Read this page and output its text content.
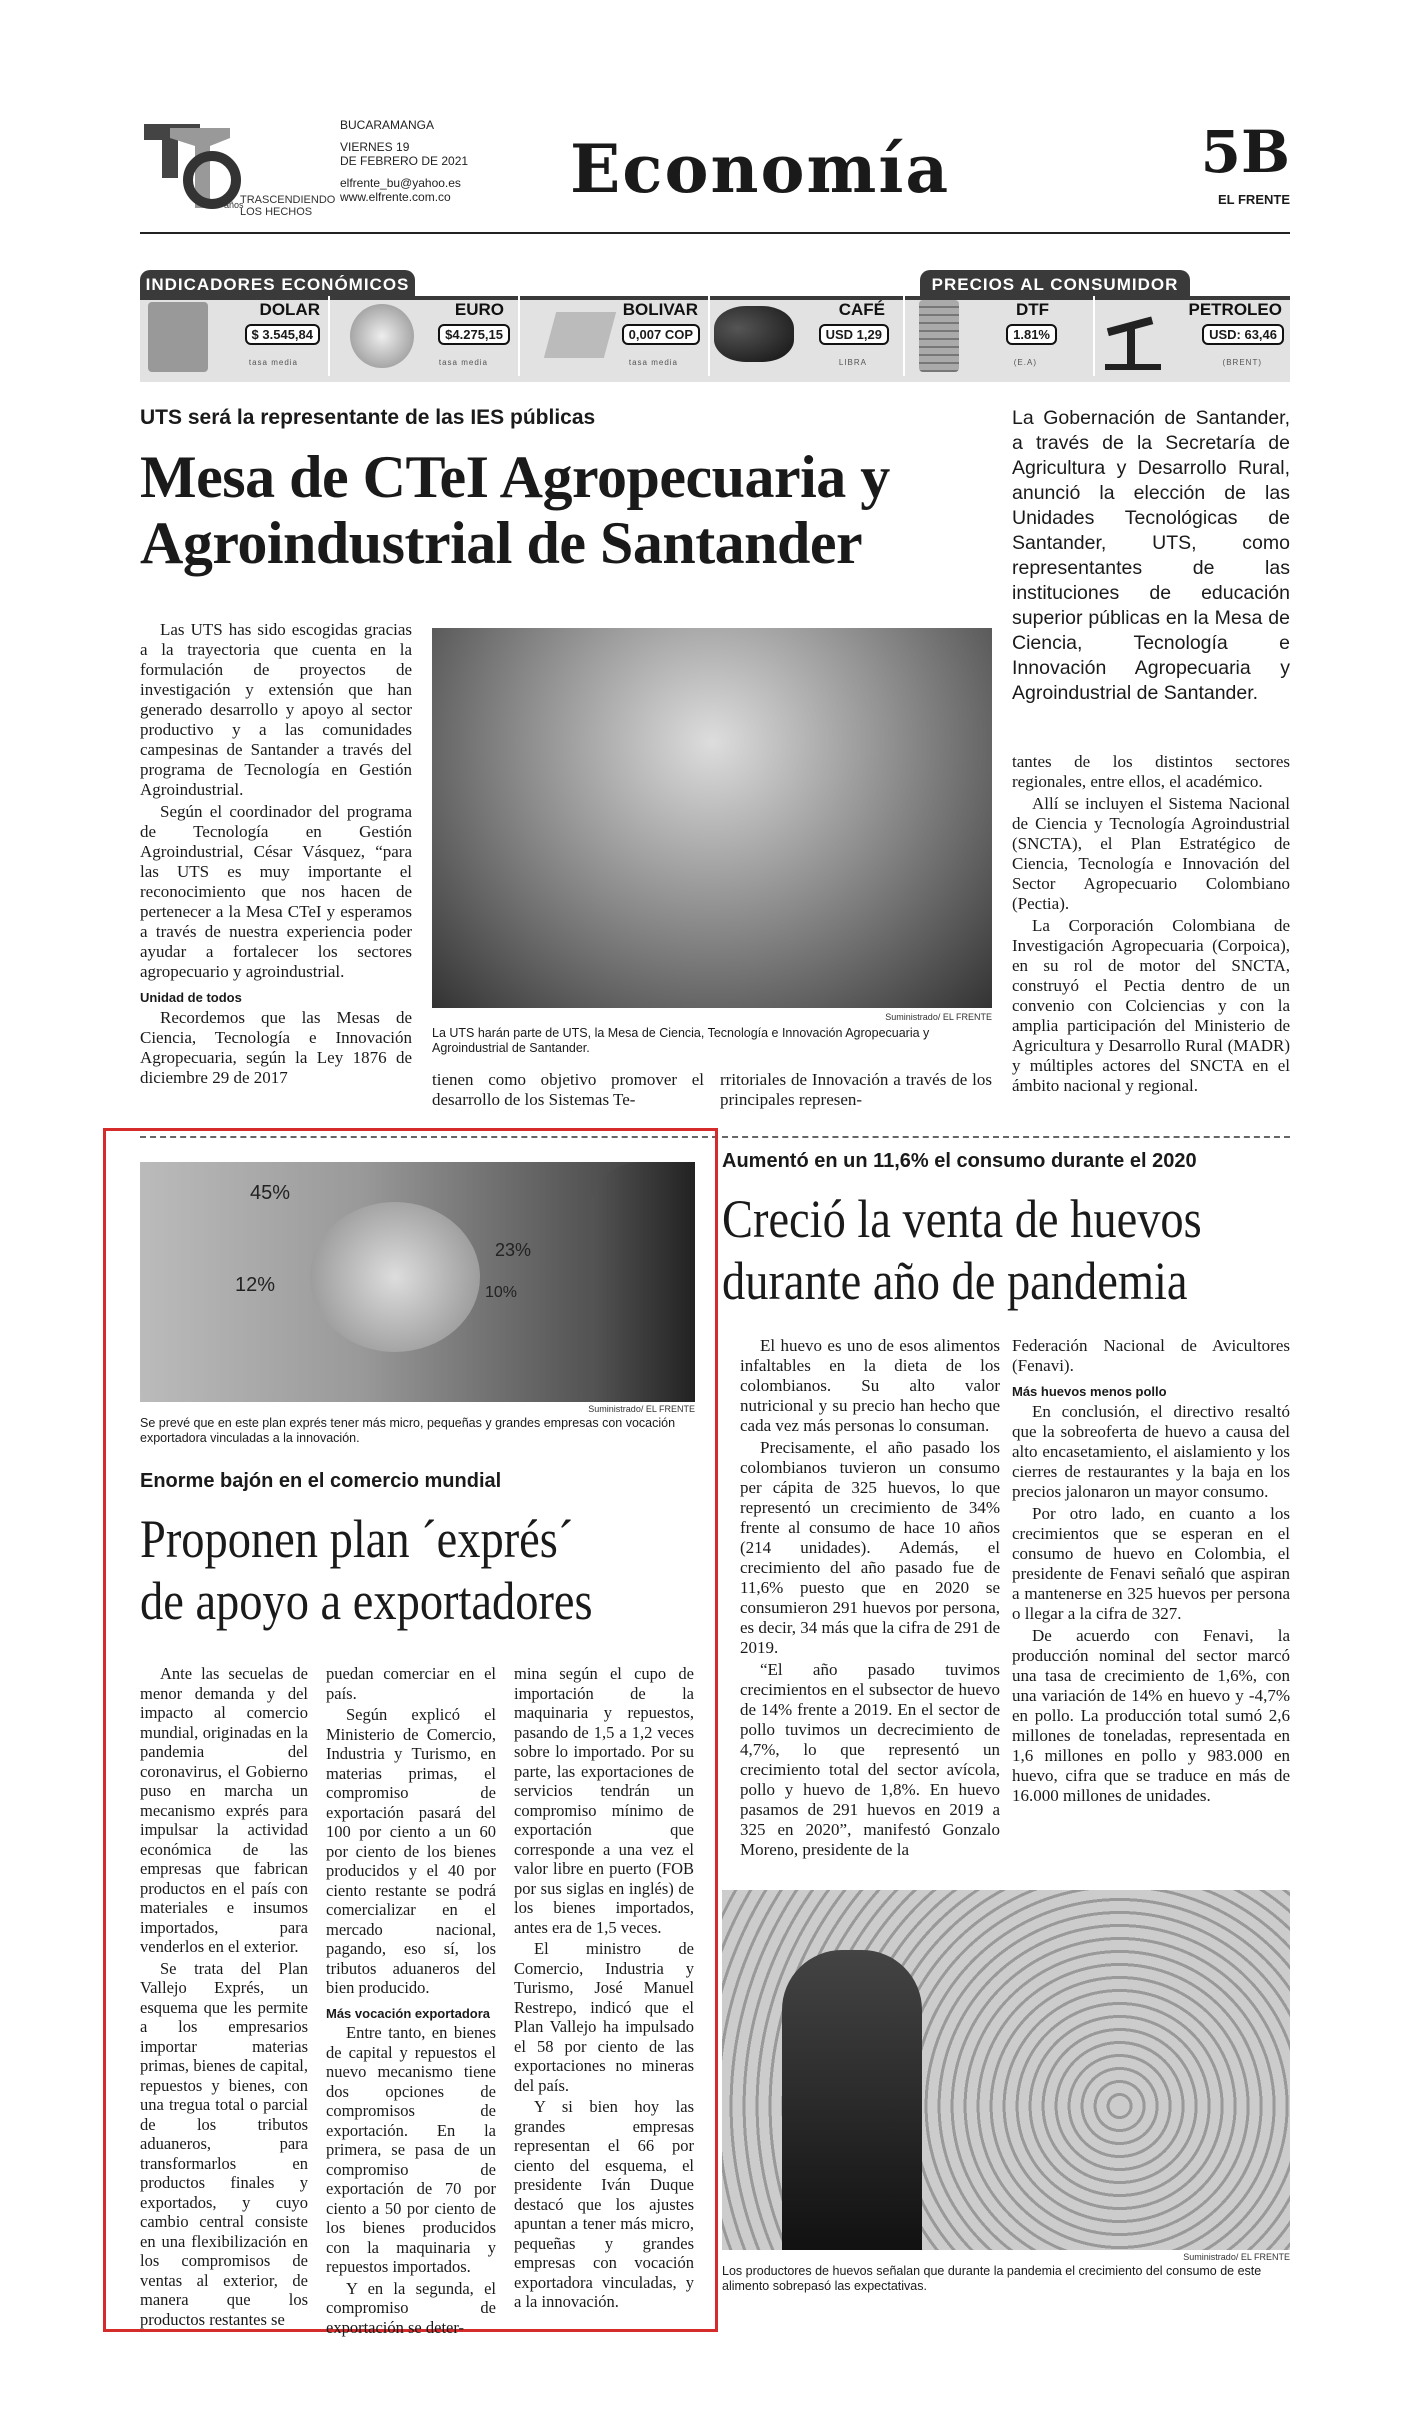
años
TRASCENDIENDO
LOS HECHOS
BUCARAMANGA
VIERNES 19
DE FEBRERO DE 2021
elfrente_bu@yahoo.es
www.elfrente.com.co Economía	5B
EL FRENTE
INDICADORES ECONÓMICOS	PRECIOS AL CONSUMIDOR
DOLAR
$ 3.545,84
tasa media
EURO
$4.275,15
tasa media
BOLIVAR
0,007 COP
tasa media
CAFÉ
USD 1,29
LIBRA
DTF
1.81%
(E.A)
PETROLEO
USD: 63,46
(BRENT)
UTS será la representante de las IES públicas
Mesa de CTeI Agropecuaria y
Agroindustrial de Santander
La Gobernación de Santander, a través de la Secretaría de Agricultura y Desarrollo Rural, anunció la elección de las Unidades Tecnológicas de Santander, UTS, como representantes de las instituciones de educación superior públicas en la Mesa de Ciencia, Tecnología e Innovación Agropecuaria y Agroindustrial de Santander.

Las UTS has sido escogidas gracias a la trayectoria que cuenta en la formulación de proyectos de investigación y extensión que han generado desarrollo y apoyo al sector productivo y a las comunidades campesinas de Santander a través del programa de Tecnología en Gestión Agroindustrial.

Según el coordinador del programa de Tecnología en Gestión Agroindustrial, César Vásquez, “para las UTS es muy importante el reconocimiento que nos hacen de pertenecer a la Mesa CTeI y esperamos a través de nuestra experiencia poder ayudar a fortalecer los sectores agropecuario y agroindustrial.

Unidad de todos

Recordemos que las Mesas de Ciencia, Tecnología e Innovación Agropecuaria, según la Ley 1876 de diciembre 29 de 2017

Suministrado/ EL FRENTE
La UTS harán parte de UTS, la Mesa de Ciencia, Tecnología e Innovación Agropecuaria y Agroindustrial de Santander.

tienen como objetivo promover el desarrollo de los Sistemas Te-

rritoriales de Innovación a través de los principales represen-

tantes de los distintos sectores regionales, entre ellos, el académico.

Allí se incluyen el Sistema Nacional de Ciencia y Tecnología Agroindustrial (SNCTA), el Plan Estratégico de Ciencia, Tecnología e Innovación del Sector Agropecuario Colombiano (Pectia).

La Corporación Colombiana de Investigación Agropecuaria (Corpoica), en su rol de motor del SNCTA, construyó el Pectia dentro de un convenio con Colciencias y con la amplia participación del Ministerio de Agricultura y Desarrollo Rural (MADR) y múltiples actores del SNCTA en el ámbito nacional y regional.

45%
23%
12%	10%
Suministrado/ EL FRENTE
Se prevé que en este plan exprés tener más micro, pequeñas y grandes empresas con vocación exportadora vinculadas a la innovación.
Enorme bajón en el comercio mundial
Proponen plan ´exprés´
de apoyo a exportadores

Ante las secuelas de menor demanda y del impacto al comercio mundial, originadas en la pandemia del coronavirus, el Gobierno puso en marcha un mecanismo exprés para impulsar la actividad económica de las empresas que fabrican productos en el país con materiales e insumos importados, para venderlos en el exterior.

Se trata del Plan Vallejo Exprés, un esquema que les permite a los empresarios importar materias primas, bienes de capital, repuestos y bienes, con una tregua total o parcial de los tributos aduaneros, para transformarlos en productos finales y exportados, y cuyo cambio central consiste en una flexibilización en los compromisos de ventas al exterior, de manera que los productos restantes se

puedan comerciar en el país.

Según explicó el Ministerio de Comercio, Industria y Turismo, en materias primas, el compromiso de exportación pasará del 100 por ciento a un 60 por ciento de los bienes producidos y el 40 por ciento restante se podrá comercializar en el mercado nacional, pagando, eso sí, los tributos aduaneros del bien producido.

Más vocación exportadora

Entre tanto, en bienes de capital y repuestos el nuevo mecanismo tiene dos opciones de compromisos de exportación. En la primera, se pasa de un compromiso de exportación de 70 por ciento a 50 por ciento de los bienes producidos con la maquinaria y repuestos importados.

Y en la segunda, el compromiso de exportación se deter-

mina según el cupo de importación de la maquinaria y repuestos, pasando de 1,5 a 1,2 veces sobre lo importado. Por su parte, las exportaciones de servicios tendrán un compromiso mínimo de exportación que corresponde a una vez el valor libre en puerto (FOB por sus siglas en inglés) de los bienes importados, antes era de 1,5 veces.

El ministro de Comercio, Industria y Turismo, José Manuel Restrepo, indicó que el Plan Vallejo ha impulsado el 58 por ciento de las exportaciones no mineras del país.

Y si bien hoy las grandes empresas representan el 66 por ciento del esquema, el presidente Iván Duque destacó que los ajustes apuntan a tener más micro, pequeñas y grandes empresas con vocación exportadora vinculadas, y a la innovación.

Aumentó en un 11,6% el consumo durante el 2020
Creció la venta de huevos
durante año de pandemia

El huevo es uno de esos alimentos infaltables en la dieta de los colombianos. Su alto valor nutricional y su precio han hecho que cada vez más personas lo consuman.

Precisamente, el año pasado los colombianos tuvieron un consumo per cápita de 325 huevos, lo que representó un crecimiento de 34% frente al consumo de hace 10 años (214 unidades). Además, el crecimiento del año pasado fue de 11,6% puesto que en 2020 se consumieron 291 huevos por persona, es decir, 34 más que la cifra de 291 de 2019.

“El año pasado tuvimos crecimientos en el subsector de huevo de 14% frente a 2019. En el sector de pollo tuvimos un decrecimiento de 4,7%, lo que representó un crecimiento total del sector avícola, pollo y huevo de 1,8%. En huevo pasamos de 291 huevos en 2019 a 325 en 2020”, manifestó Gonzalo Moreno, presidente de la

Federación Nacional de Avicultores (Fenavi).

Más huevos menos pollo

En conclusión, el directivo resaltó que la sobreoferta de huevo a causa del alto encasetamiento, el aislamiento y los cierres de restaurantes y la baja en los precios jalonaron un mayor consumo.

Por otro lado, en cuanto a los crecimientos que se esperan en el consumo de huevo en Colombia, el presidente de Fenavi señaló que aspiran a mantenerse en 325 huevos per persona o llegar a la cifra de 327.

De acuerdo con Fenavi, la producción nominal del sector marcó una tasa de crecimiento de 1,6%, con una variación de 14% en huevo y -4,7% en pollo. La producción total sumó 2,6 millones de toneladas, representada en 1,6 millones en pollo y 983.000 en huevo, cifra que se traduce en más de 16.000 millones de unidades.

Suministrado/ EL FRENTE
Los productores de huevos señalan que durante la pandemia el crecimiento del consumo de este alimento sobrepasó las expectativas.
